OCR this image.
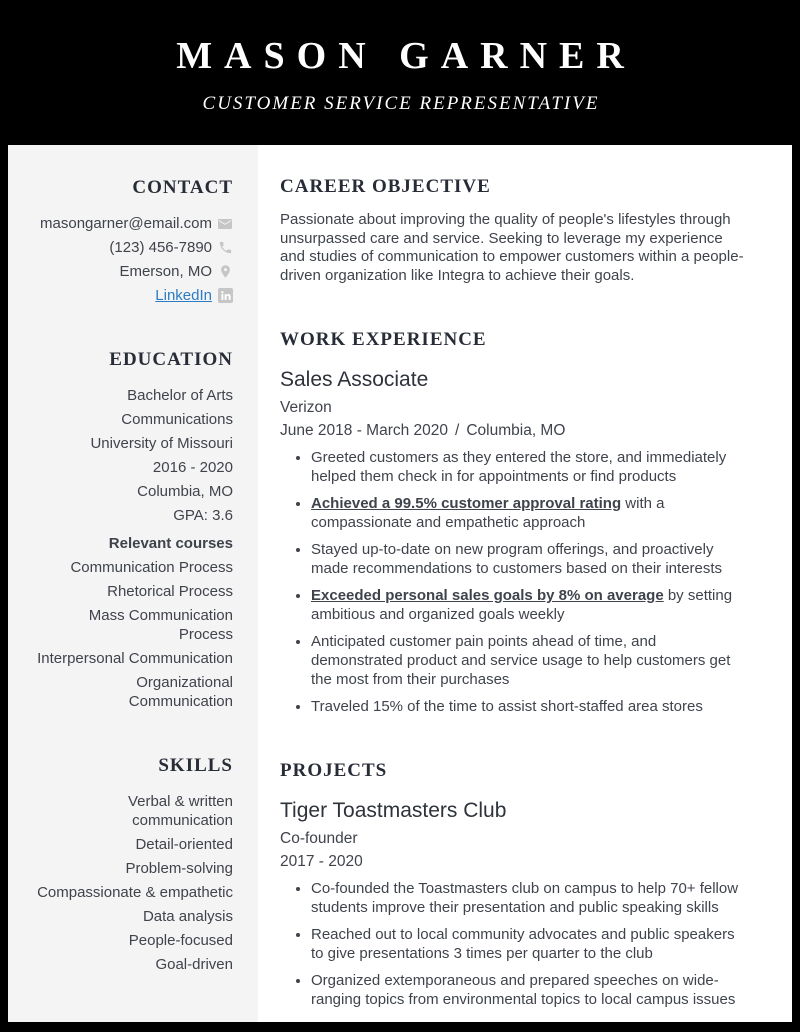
MASON GARNER
CUSTOMER SERVICE REPRESENTATIVE
CONTACT
masongarner@email.com
(123) 456-7890
Emerson, MO
LinkedIn
EDUCATION
Bachelor of Arts
Communications
University of Missouri
2016 - 2020
Columbia, MO
GPA: 3.6
Relevant courses
Communication Process
Rhetorical Process
Mass Communication Process
Interpersonal Communication
Organizational Communication
SKILLS
Verbal & written communication
Detail-oriented
Problem-solving
Compassionate & empathetic
Data analysis
People-focused
Goal-driven
CAREER OBJECTIVE
Passionate about improving the quality of people's lifestyles through unsurpassed care and service. Seeking to leverage my experience and studies of communication to empower customers within a people-driven organization like Integra to achieve their goals.
WORK EXPERIENCE
Sales Associate
Verizon
June 2018 - March 2020 / Columbia, MO
• Greeted customers as they entered the store, and immediately helped them check in for appointments or find products
• Achieved a 99.5% customer approval rating with a compassionate and empathetic approach
• Stayed up-to-date on new program offerings, and proactively made recommendations to customers based on their interests
• Exceeded personal sales goals by 8% on average by setting ambitious and organized goals weekly
• Anticipated customer pain points ahead of time, and demonstrated product and service usage to help customers get the most from their purchases
• Traveled 15% of the time to assist short-staffed area stores
PROJECTS
Tiger Toastmasters Club
Co-founder
2017 - 2020
• Co-founded the Toastmasters club on campus to help 70+ fellow students improve their presentation and public speaking skills
• Reached out to local community advocates and public speakers to give presentations 3 times per quarter to the club
• Organized extemporaneous and prepared speeches on wide-ranging topics from environmental topics to local campus issues
